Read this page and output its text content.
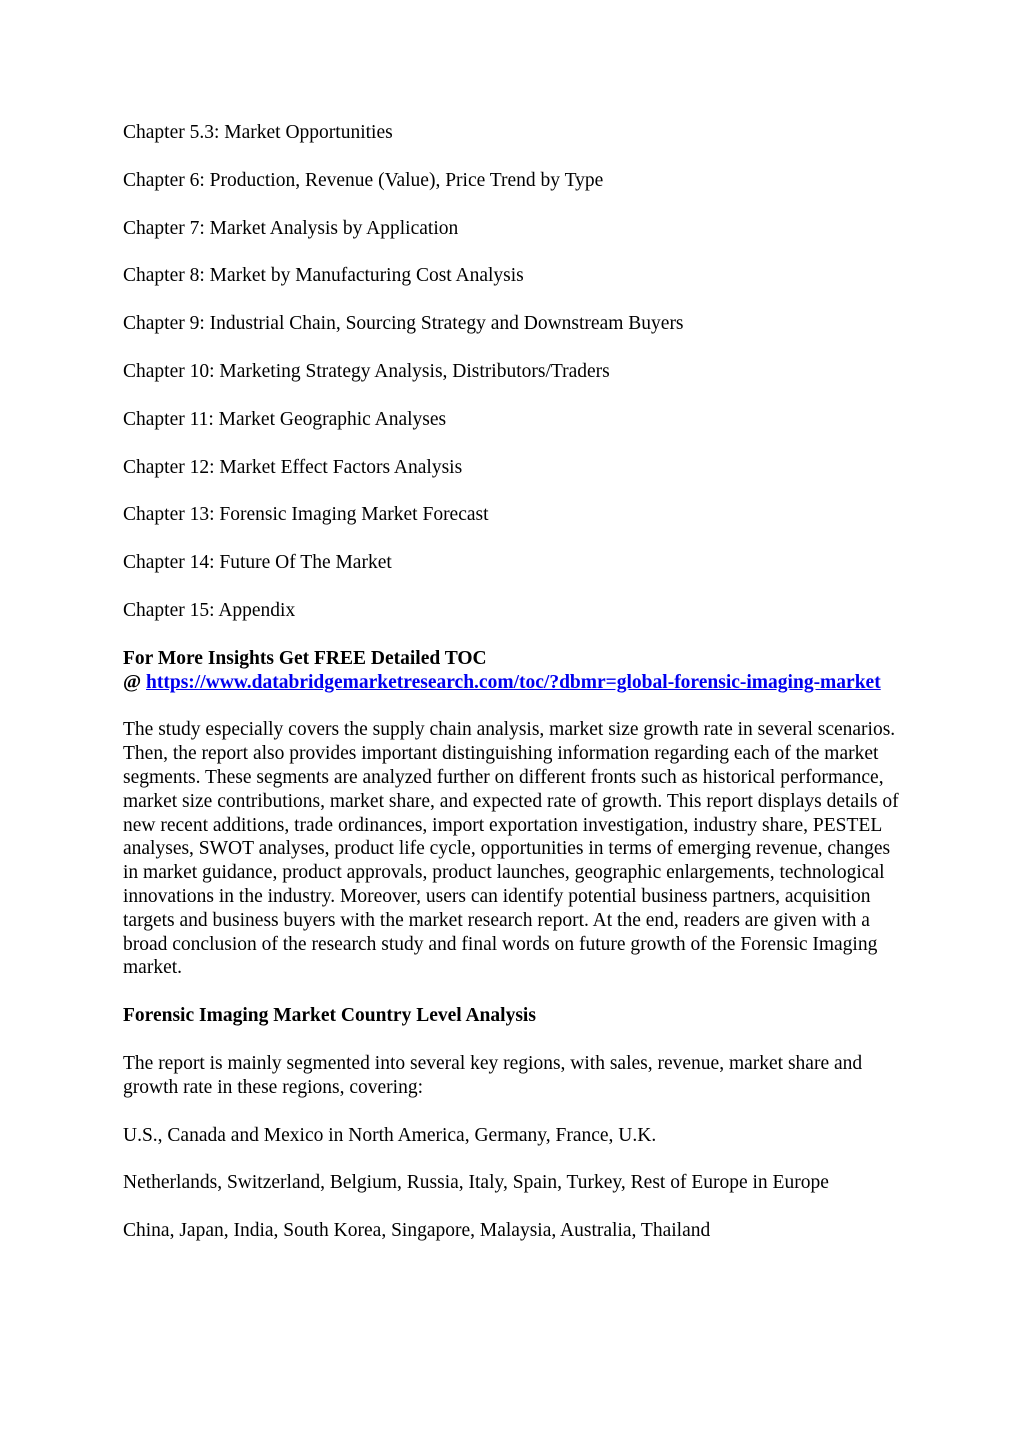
Chapter 5.3: Market Opportunities
Chapter 6: Production, Revenue (Value), Price Trend by Type
Chapter 7: Market Analysis by Application
Chapter 8: Market by Manufacturing Cost Analysis
Chapter 9: Industrial Chain, Sourcing Strategy and Downstream Buyers
Chapter 10: Marketing Strategy Analysis, Distributors/Traders
Chapter 11: Market Geographic Analyses
Chapter 12: Market Effect Factors Analysis
Chapter 13: Forensic Imaging Market Forecast
Chapter 14: Future Of The Market
Chapter 15: Appendix
For More Insights Get FREE Detailed TOC
@ https://www.databridgemarketresearch.com/toc/?dbmr=global-forensic-imaging-market

The study especially covers the supply chain analysis, market size growth rate in several scenarios. Then, the report also provides important distinguishing information regarding each of the market segments. These segments are analyzed further on different fronts such as historical performance, market size contributions, market share, and expected rate of growth. This report displays details of new recent additions, trade ordinances, import exportation investigation, industry share, PESTEL analyses, SWOT analyses, product life cycle, opportunities in terms of emerging revenue, changes in market guidance, product approvals, product launches, geographic enlargements, technological innovations in the industry. Moreover, users can identify potential business partners, acquisition targets and business buyers with the market research report. At the end, readers are given with a broad conclusion of the research study and final words on future growth of the Forensic Imaging market.

Forensic Imaging Market Country Level Analysis

The report is mainly segmented into several key regions, with sales, revenue, market share and growth rate in these regions, covering:

U.S., Canada and Mexico in North America, Germany, France, U.K.

Netherlands, Switzerland, Belgium, Russia, Italy, Spain, Turkey, Rest of Europe in Europe

China, Japan, India, South Korea, Singapore, Malaysia, Australia, Thailand
